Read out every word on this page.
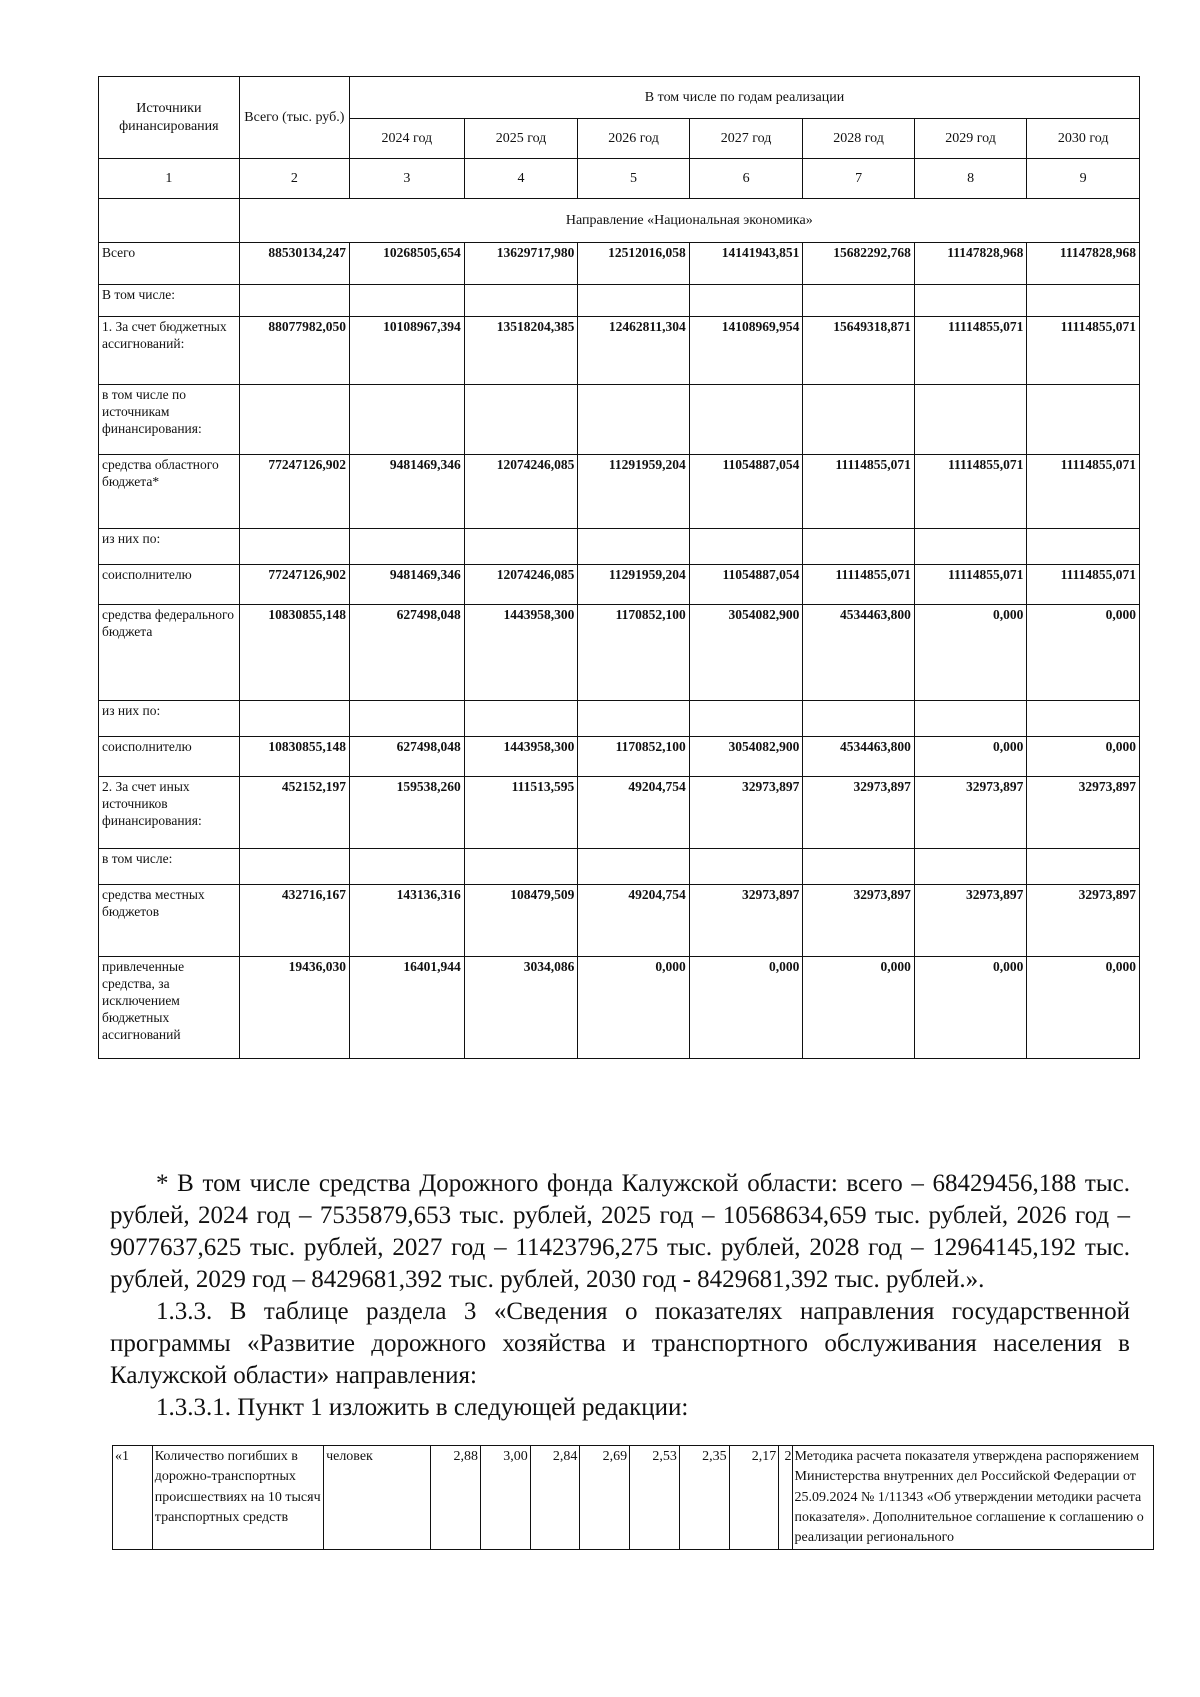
Источники финансирования	Всего (тыс. руб.)	В том числе по годам реализации						
		2024 год	2025 год	2026 год	2027 год	2028 год	2029 год	2030 год
1	2	3	4	5	6	7	8	9
	Направление «Национальная экономика»							
Всего	88530134,247	10268505,654	13629717,980	12512016,058	14141943,851	15682292,768	11147828,968	11147828,968
В том числе:								
1. За счет бюджетных ассигнований:	88077982,050	10108967,394	13518204,385	12462811,304	14108969,954	15649318,871	11114855,071	11114855,071
в том числе по источникам финансирования:								
средства областного бюджета*	77247126,902	9481469,346	12074246,085	11291959,204	11054887,054	11114855,071	11114855,071	11114855,071
из них по:								
соисполнителю	77247126,902	9481469,346	12074246,085	11291959,204	11054887,054	11114855,071	11114855,071	11114855,071
средства федерального бюджета	10830855,148	627498,048	1443958,300	1170852,100	3054082,900	4534463,800	0,000	0,000
из них по:								
соисполнителю	10830855,148	627498,048	1443958,300	1170852,100	3054082,900	4534463,800	0,000	0,000
2. За счет иных источников финансирования:	452152,197	159538,260	111513,595	49204,754	32973,897	32973,897	32973,897	32973,897
в том числе:								
средства местных бюджетов	432716,167	143136,316	108479,509	49204,754	32973,897	32973,897	32973,897	32973,897
привлеченные средства, за исключением бюджетных ассигнований	19436,030	16401,944	3034,086	0,000	0,000	0,000	0,000	0,000

* В том числе средства Дорожного фонда Калужской области: всего – 68429456,188 тыс. рублей, 2024 год – 7535879,653 тыс. рублей, 2025 год – 10568634,659 тыс. рублей, 2026 год – 9077637,625 тыс. рублей, 2027 год – 11423796,275 тыс. рублей, 2028 год – 12964145,192 тыс. рублей, 2029 год – 8429681,392 тыс. рублей, 2030 год - 8429681,392 тыс. рублей.».

1.3.3. В таблице раздела 3 «Сведения о показателях направления государственной программы «Развитие дорожного хозяйства и транспортного обслуживания населения в Калужской области» направления:

1.3.3.1. Пункт 1 изложить в следующей редакции:

«1	Количество погибших в дорожно-транспортных происшествиях на 10 тысяч транспортных средств	человек	2,88	3,00	2,84	2,69	2,53	2,35	2,17	2	Методика расчета показателя утверждена распоряжением Министерства внутренних дел Российской Федерации от 25.09.2024 № 1/11343 «Об утверждении методики расчета показателя». Дополнительное соглашение к соглашению о реализации регионального
